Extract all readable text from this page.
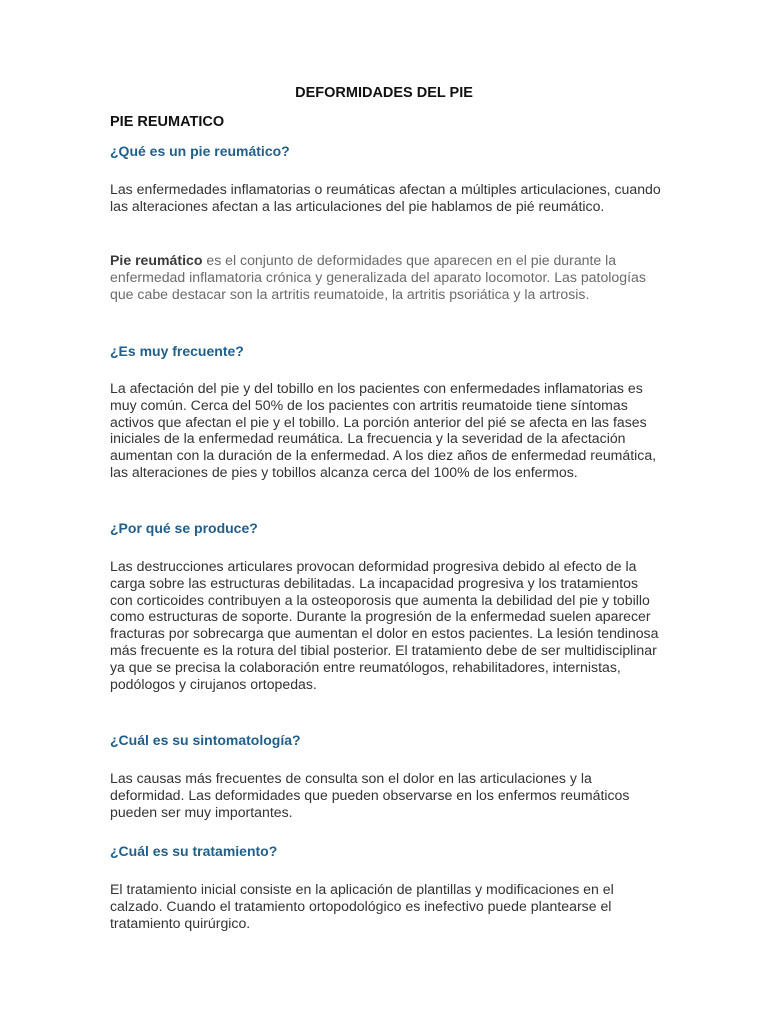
DEFORMIDADES DEL PIE
PIE REUMATICO
¿Qué es un pie reumático?

Las enfermedades inflamatorias o reumáticas afectan a múltiples articulaciones, cuando las alteraciones afectan a las articulaciones del pie hablamos de pié reumático.

Pie reumático es el conjunto de deformidades que aparecen en el pie durante la enfermedad inflamatoria crónica y generalizada del aparato locomotor. Las patologías que cabe destacar son la artritis reumatoide, la artritis psoriática y la artrosis.

¿Es muy frecuente?

La afectación del pie y del tobillo en los pacientes con enfermedades inflamatorias es muy común. Cerca del 50% de los pacientes con artritis reumatoide tiene síntomas activos que afectan el pie y el tobillo. La porción anterior del pié se afecta en las fases iniciales de la enfermedad reumática. La frecuencia y la severidad de la afectación aumentan con la duración de la enfermedad. A los diez años de enfermedad reumática, las alteraciones de pies y tobillos alcanza cerca del 100% de los enfermos.

¿Por qué se produce?

Las destrucciones articulares provocan deformidad progresiva debido al efecto de la carga sobre las estructuras debilitadas. La incapacidad progresiva y los tratamientos con corticoides contribuyen a la osteoporosis que aumenta la debilidad del pie y tobillo como estructuras de soporte. Durante la progresión de la enfermedad suelen aparecer fracturas por sobrecarga que aumentan el dolor en estos pacientes. La lesión tendinosa más frecuente es la rotura del tibial posterior. El tratamiento debe de ser multidisciplinar ya que se precisa la colaboración entre reumatólogos, rehabilitadores, internistas, podólogos y cirujanos ortopedas.

¿Cuál es su sintomatología?

Las causas más frecuentes de consulta son el dolor en las articulaciones y la deformidad. Las deformidades que pueden observarse en los enfermos reumáticos pueden ser muy importantes.

¿Cuál es su tratamiento?

El tratamiento inicial consiste en la aplicación de plantillas y modificaciones en el calzado. Cuando el tratamiento ortopodológico es inefectivo puede plantearse el tratamiento quirúrgico.
